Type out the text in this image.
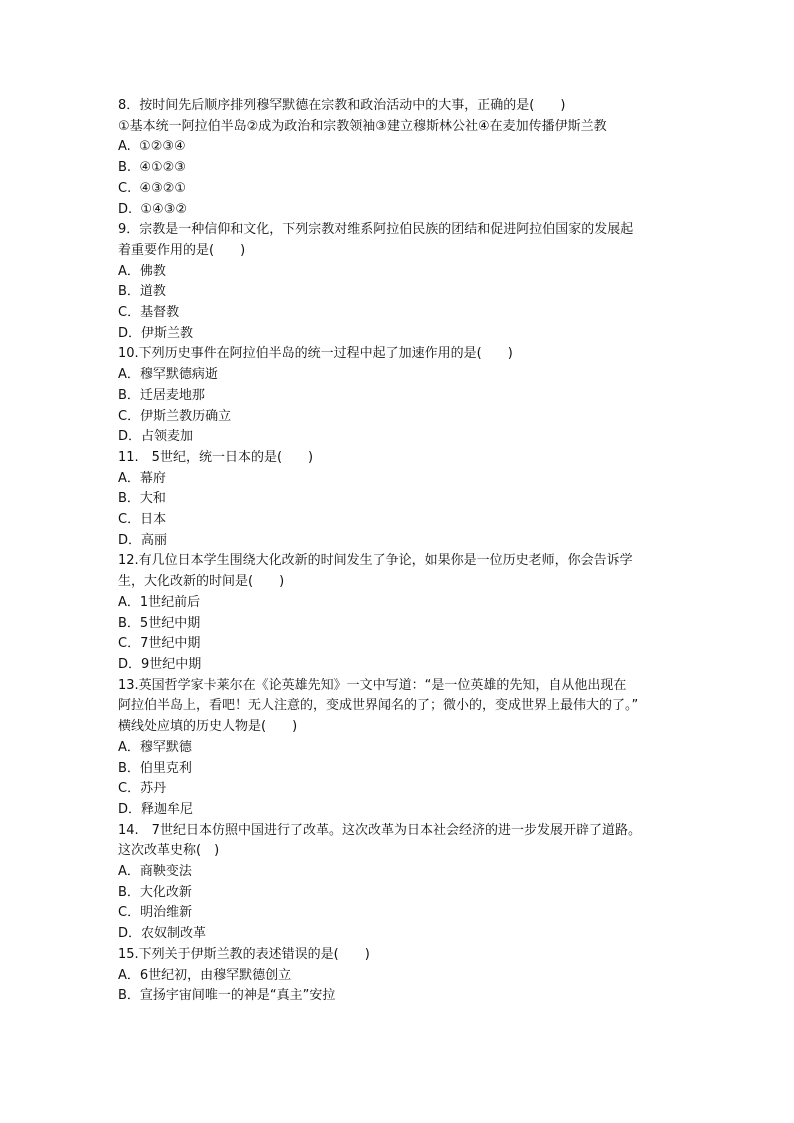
8．按时间先后顺序排列穆罕默德在宗教和政治活动中的大事，正确的是(　　)
①基本统一阿拉伯半岛②成为政治和宗教领袖③建立穆斯林公社④在麦加传播伊斯兰教
A.  ①②③④
B.  ④①②③
C.  ④③②①
D.  ①④③②
9．宗教是一种信仰和文化，下列宗教对维系阿拉伯民族的团结和促进阿拉伯国家的发展起
着重要作用的是(　　)
A．佛教
B．道教
C．基督教
D．伊斯兰教
10.下列历史事件在阿拉伯半岛的统一过程中起了加速作用的是(　　)
A．穆罕默德病逝
B．迁居麦地那
C．伊斯兰教历确立
D．占领麦加
11.　5世纪，统一日本的是(　　)
A．幕府
B．大和
C．日本
D．高丽
12.有几位日本学生围绕大化改新的时间发生了争论，如果你是一位历史老师，你会告诉学
生，大化改新的时间是(　　)
A．1世纪前后
B．5世纪中期
C．7世纪中期
D．9世纪中期
13.英国哲学家卡莱尔在《论英雄先知》一文中写道：“是一位英雄的先知，自从他出现在
阿拉伯半岛上，看吧！无人注意的，变成世界闻名的了；微小的，变成世界上最伟大的了。”
横线处应填的历史人物是(　　)
A．穆罕默德
B．伯里克利
C．苏丹
D．释迦牟尼
14.　7世纪日本仿照中国进行了改革。这次改革为日本社会经济的进一步发展开辟了道路。
这次改革史称(　)
A．商鞅变法
B．大化改新
C．明治维新
D．农奴制改革
15.下列关于伊斯兰教的表述错误的是(　　)
A．6世纪初，由穆罕默德创立
B．宣扬宇宙间唯一的神是“真主”安拉
